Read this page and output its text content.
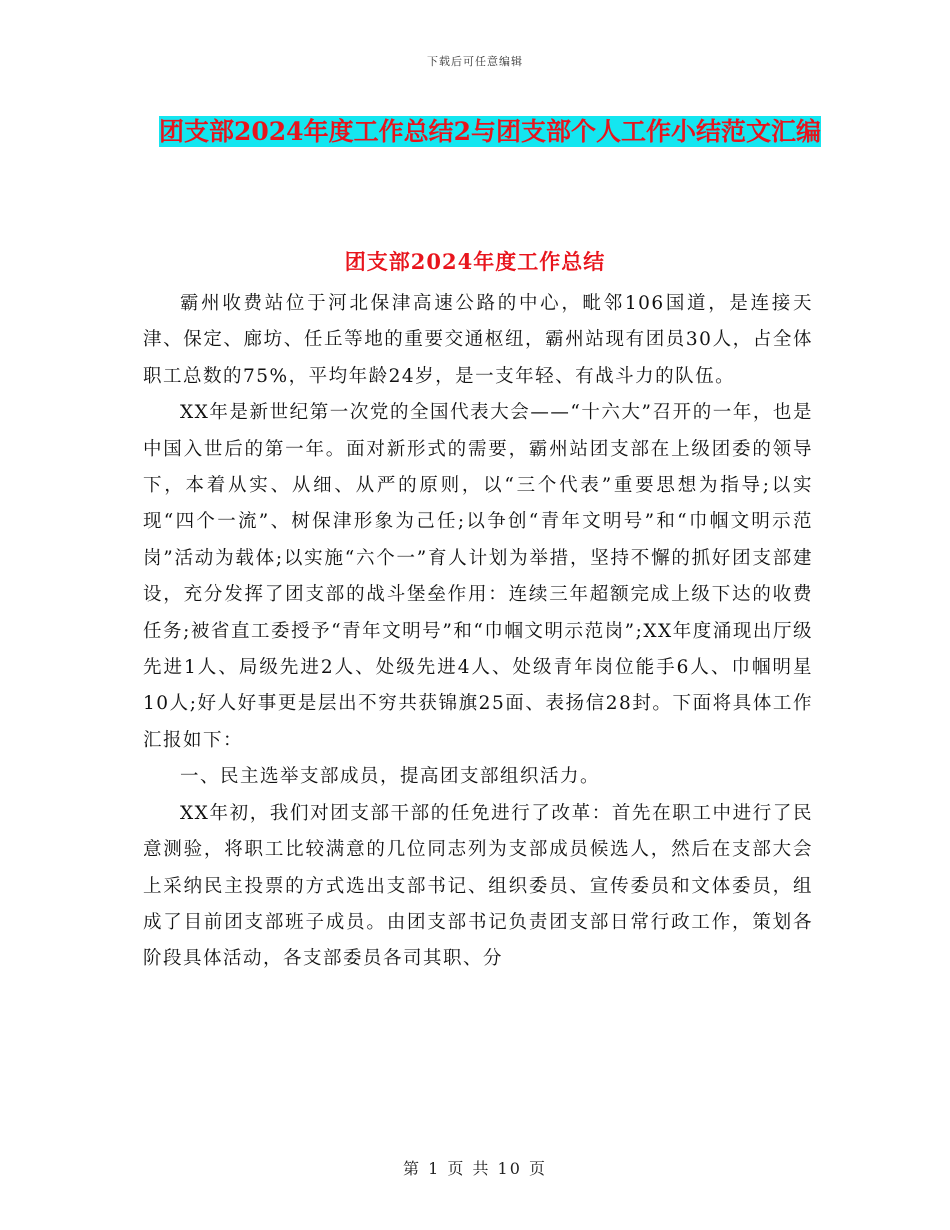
下载后可任意编辑
团支部2024年度工作总结2与团支部个人工作小结范文汇编
团支部2024年度工作总结

霸州收费站位于河北保津高速公路的中心，毗邻106国道，是连接天津、保定、廊坊、任丘等地的重要交通枢纽，霸州站现有团员30人，占全体职工总数的75%，平均年龄24岁，是一支年轻、有战斗力的队伍。

XX年是新世纪第一次党的全国代表大会——“十六大”召开的一年，也是中国入世后的第一年。面对新形式的需要，霸州站团支部在上级团委的领导下，本着从实、从细、从严的原则，以“三个代表”重要思想为指导;以实现“四个一流”、树保津形象为己任;以争创“青年文明号”和“巾帼文明示范岗”活动为载体;以实施“六个一”育人计划为举措，坚持不懈的抓好团支部建设，充分发挥了团支部的战斗堡垒作用：连续三年超额完成上级下达的收费任务;被省直工委授予“青年文明号”和“巾帼文明示范岗”;XX年度涌现出厅级先进1人、局级先进2人、处级先进4人、处级青年岗位能手6人、巾帼明星10人;好人好事更是层出不穷共获锦旗25面、表扬信28封。下面将具体工作汇报如下：

一、民主选举支部成员，提高团支部组织活力。

XX年初，我们对团支部干部的任免进行了改革：首先在职工中进行了民意测验，将职工比较满意的几位同志列为支部成员候选人，然后在支部大会上采纳民主投票的方式选出支部书记、组织委员、宣传委员和文体委员，组成了目前团支部班子成员。由团支部书记负责团支部日常行政工作，策划各阶段具体活动，各支部委员各司其职、分

第 1 页 共 10 页
